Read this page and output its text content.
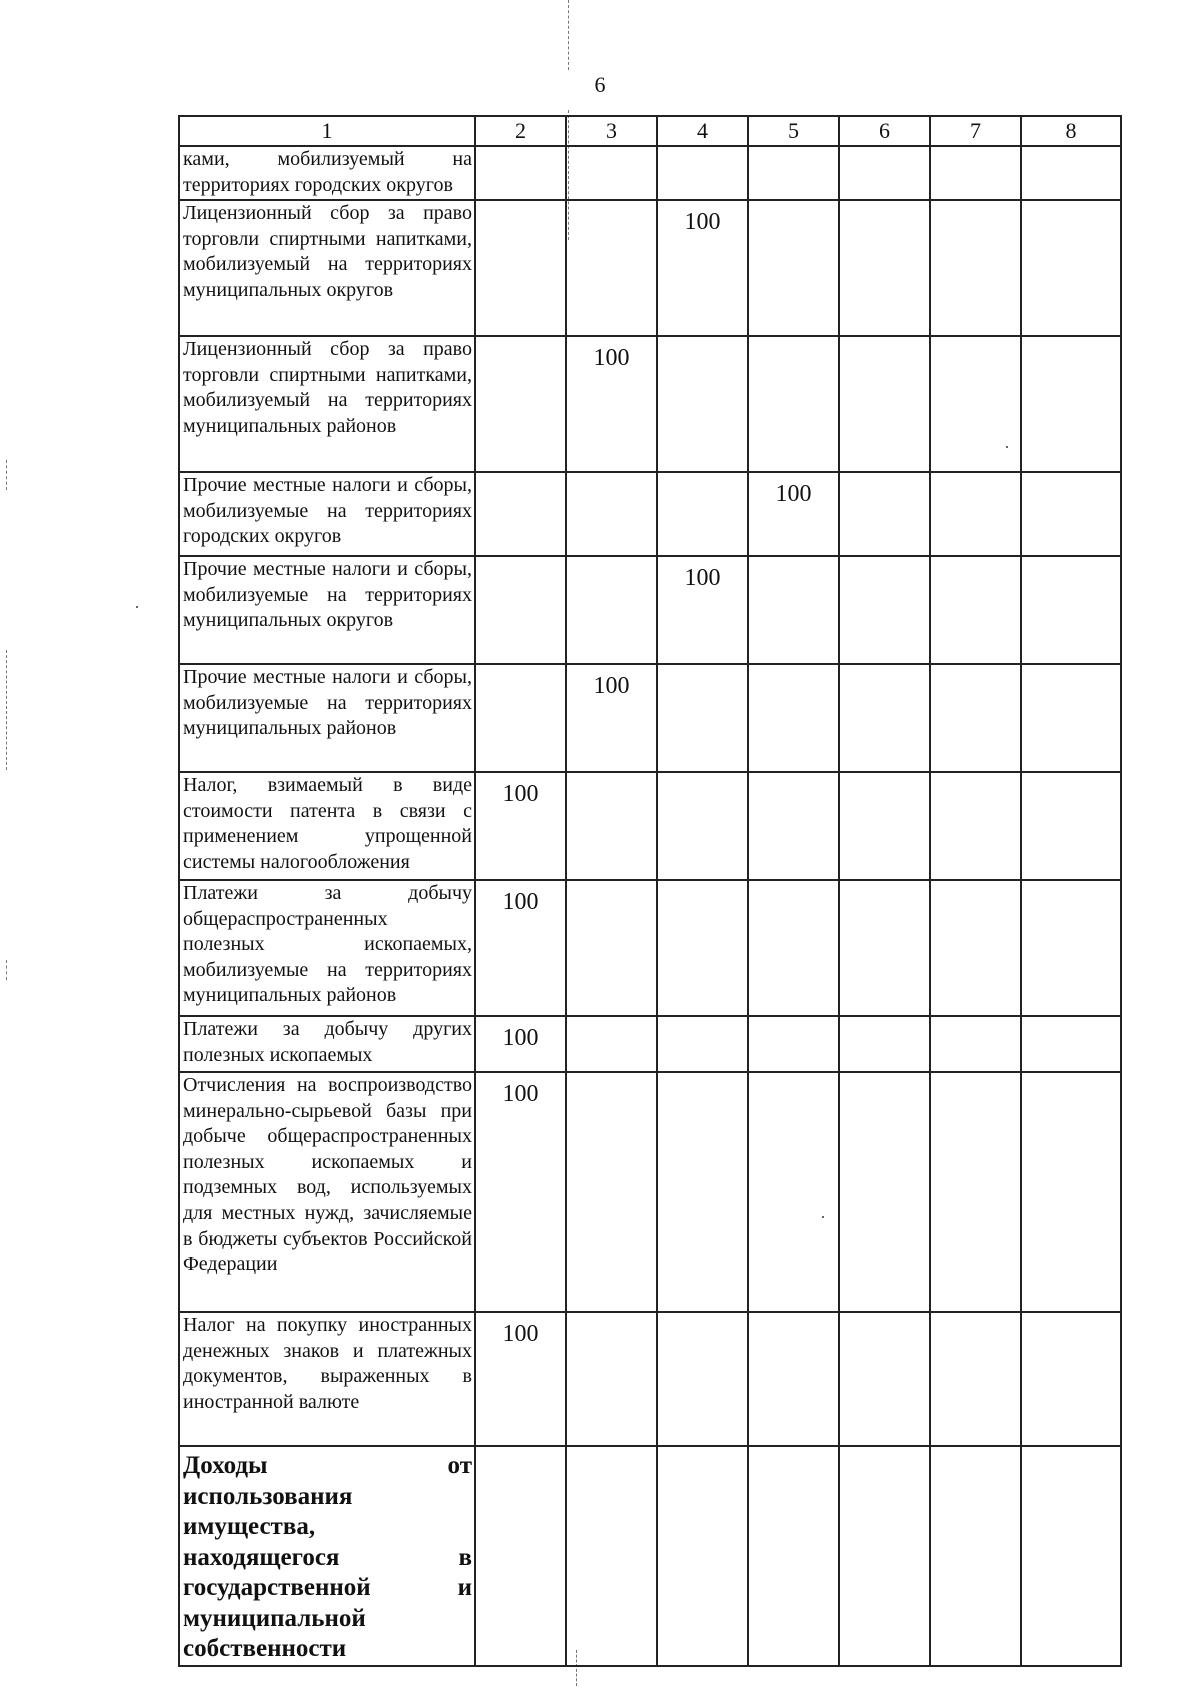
6
1	2	3	4	5	6	7	8
ками, мобилизуемый на территориях городских округов							
Лицензионный сбор за право торговли спиртными напитками, мобилизуемый на территориях муниципальных округов			100				
Лицензионный сбор за право торговли спиртными напитками, мобилизуемый на территориях муниципальных районов		100					
Прочие местные налоги и сборы, мобилизуемые на территориях городских округов				100			
Прочие местные налоги и сборы, мобилизуемые на территориях муниципальных округов			100				
Прочие местные налоги и сборы, мобилизуемые на территориях муниципальных районов		100					
Налог, взимаемый в виде стоимости патента в связи с применением упрощенной системы налогообложения	100						
Платежи за добычу общераспространенных полезных ископаемых, мобилизуемые на территориях муниципальных районов	100						
Платежи за добычу других полезных ископаемых	100						
Отчисления на воспроизводство минерально-сырьевой базы при добыче общераспространенных полезных ископаемых и подземных вод, используемых для местных нужд, зачисляемые в бюджеты субъектов Российской Федерации	100						
Налог на покупку иностранных денежных знаков и платежных документов, выраженных в иностранной валюте	100						
Доходы от использования имущества, находящегося в государственной и муниципальной собственности							
